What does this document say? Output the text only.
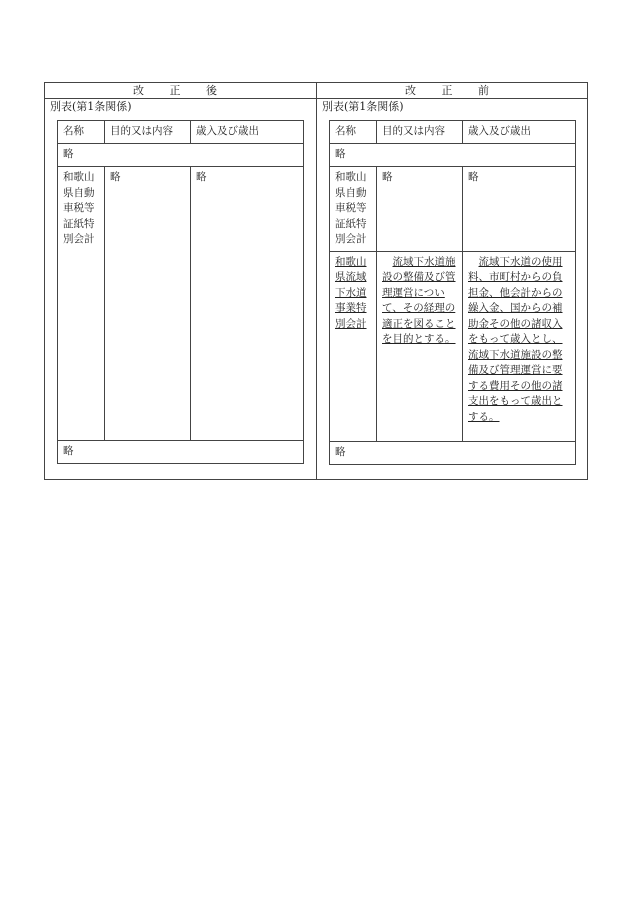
改 正 後	改 正 前
別表(第1条関係)	別表(第1条関係)
名称	目的又は内容	歳入及び歳出
略		
和歌山県自動車税等証紙特別会計	略	略
略		
名称	目的又は内容	歳入及び歳出
略		
和歌山県自動車税等証紙特別会計	略	略
和歌山県流域下水道事業特別会計	流域下水道施設の整備及び管理運営について、その経理の適正を図ることを目的とする。	流域下水道の使用料、市町村からの負担金、他会計からの繰入金、国からの補助金その他の諸収入をもって歳入とし、流域下水道施設の整備及び管理運営に要する費用その他の諸支出をもって歳出とする。
略		
